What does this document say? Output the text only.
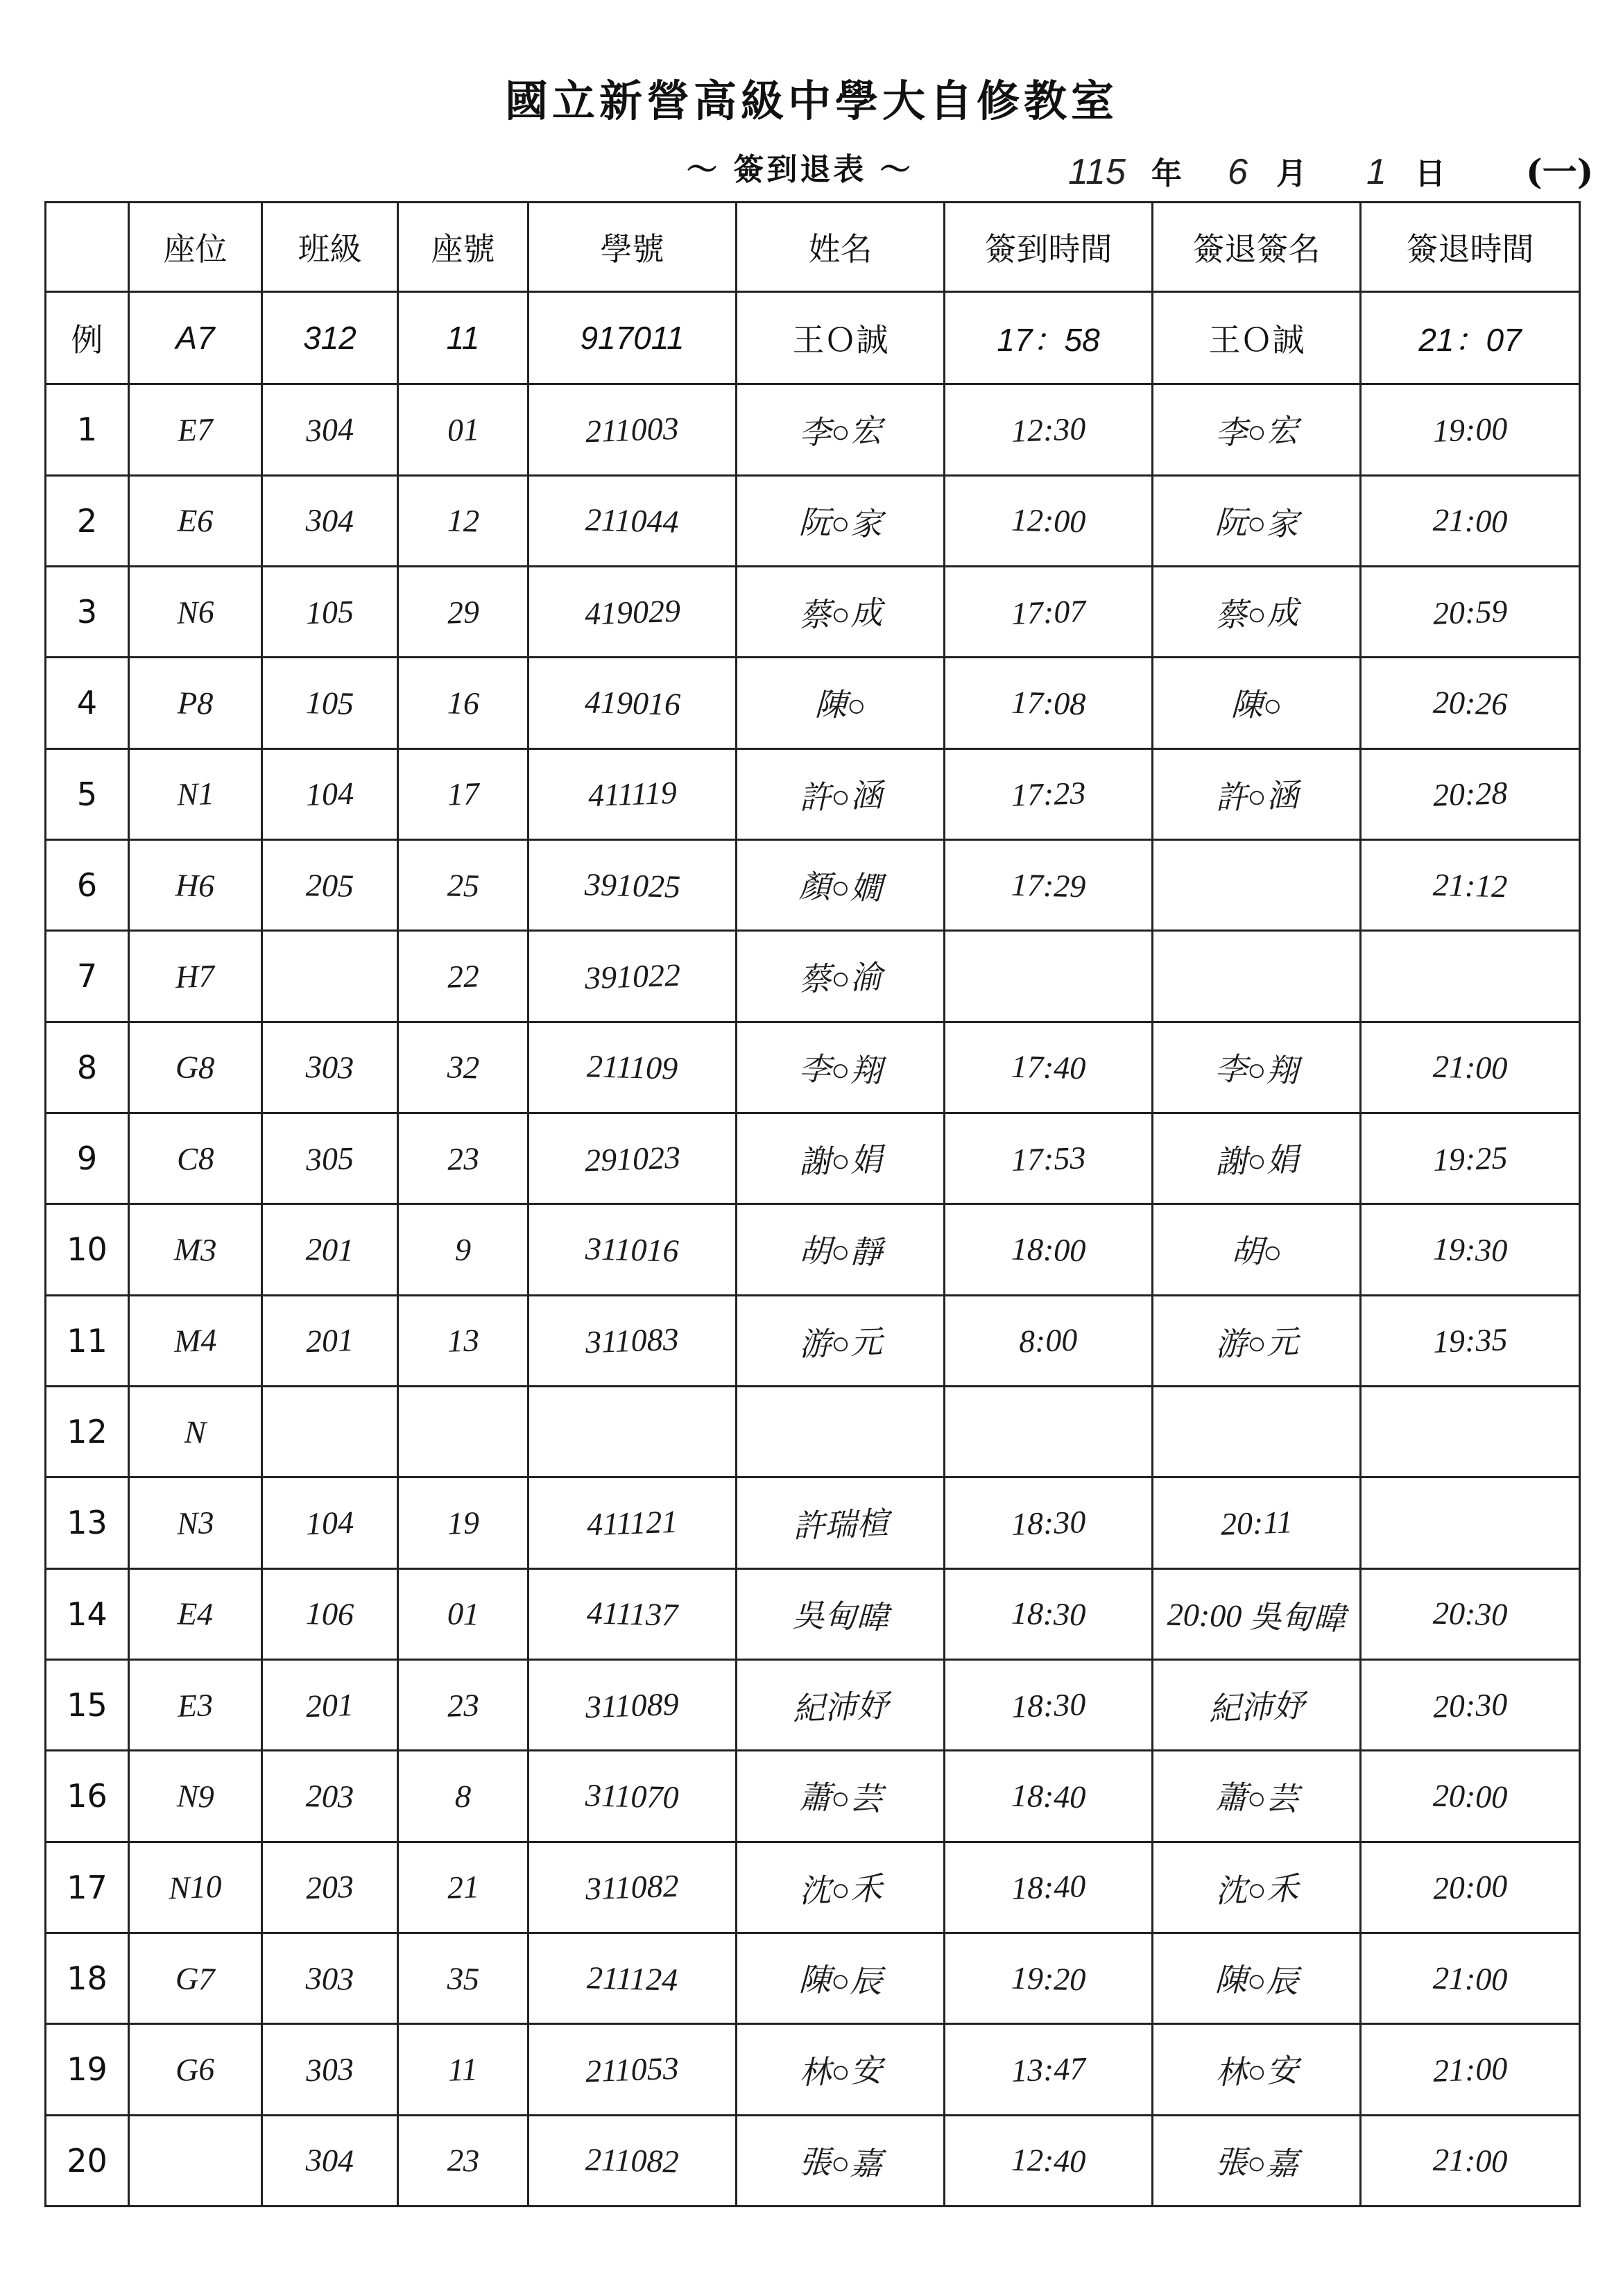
國立新營高級中學大自修教室
～ 簽到退表 ～	115 年	6 月	1 日	(一)
	座位	班級	座號	學號	姓名	簽到時間	簽退簽名	簽退時間
例	A7	312	11	917011	王Ｏ誠	17：58	王Ｏ誠	21：07
1	E7	304	01	211003	李○宏	12:30	李○宏	19:00
2	E6	304	12	211044	阮○家	12:00	阮○家	21:00
3	N6	105	29	419029	蔡○成	17:07	蔡○成	20:59
4	P8	105	16	419016	陳○	17:08	陳○	20:26
5	N1	104	17	411119	許○涵	17:23	許○涵	20:28
6	H6	205	25	391025	顏○嫺	17:29		21:12
7	H7		22	391022	蔡○渝			
8	G8	303	32	211109	李○翔	17:40	李○翔	21:00
9	C8	305	23	291023	謝○娟	17:53	謝○娟	19:25
10	M3	201	9	311016	胡○靜	18:00	胡○	19:30
11	M4	201	13	311083	游○元	8:00	游○元	19:35
12	N							
13	N3	104	19	411121	許瑞楦	18:30	20:11	
14	E4	106	01	411137	吳甸暐	18:30	20:00 吳甸暐	20:30
15	E3	201	23	311089	紀沛妤	18:30	紀沛妤	20:30
16	N9	203	8	311070	蕭○芸	18:40	蕭○芸	20:00
17	N10	203	21	311082	沈○禾	18:40	沈○禾	20:00
18	G7	303	35	211124	陳○辰	19:20	陳○辰	21:00
19	G6	303	11	211053	林○安	13:47	林○安	21:00
20		304	23	211082	張○嘉	12:40	張○嘉	21:00
